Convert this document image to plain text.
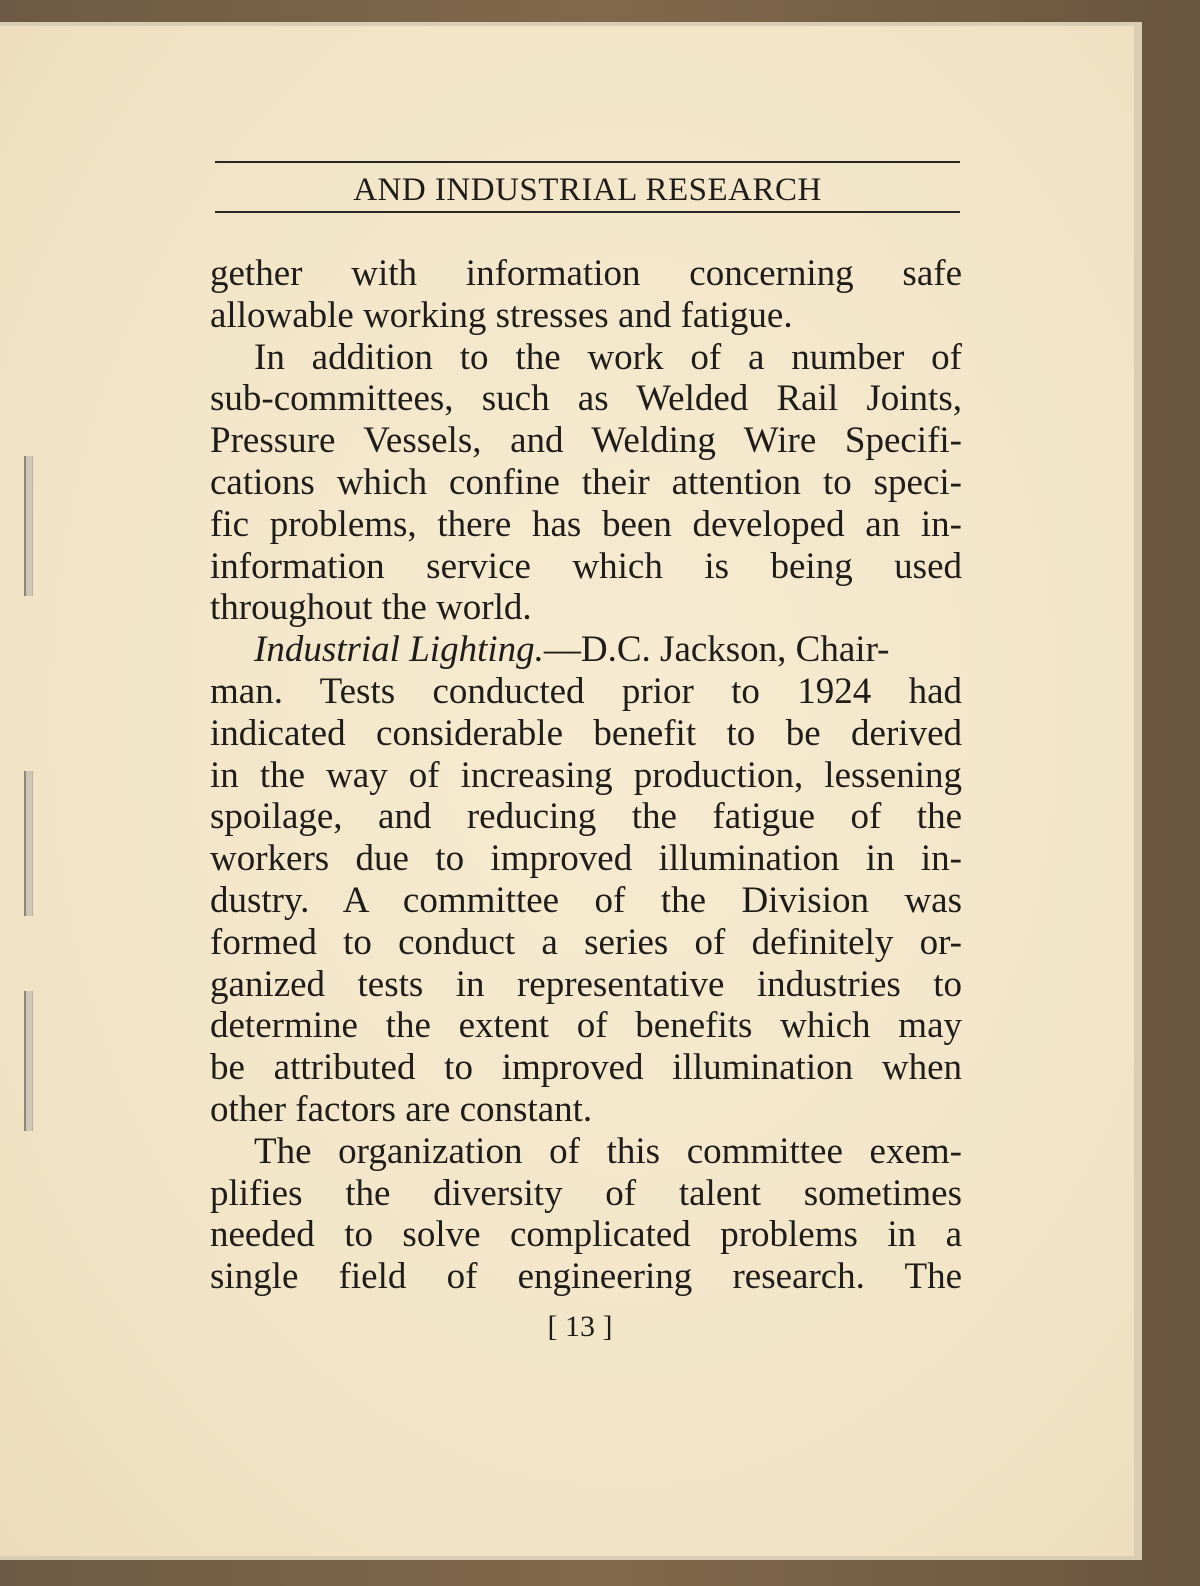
AND INDUSTRIAL RESEARCH
gether with information concerning safe
allowable working stresses and fatigue.
In addition to the work of a number of
sub-committees, such as Welded Rail Joints,
Pressure Vessels, and Welding Wire Specifi-
cations which confine their attention to speci-
fic problems, there has been developed an in-
information service which is being used
throughout the world.
Industrial Lighting.—D.C. Jackson, Chair-
man. Tests conducted prior to 1924 had
indicated considerable benefit to be derived
in the way of increasing production, lessening
spoilage, and reducing the fatigue of the
workers due to improved illumination in in-
dustry. A committee of the Division was
formed to conduct a series of definitely or-
ganized tests in representative industries to
determine the extent of benefits which may
be attributed to improved illumination when
other factors are constant.
The organization of this committee exem-
plifies the diversity of talent sometimes
needed to solve complicated problems in a
single field of engineering research. The
[ 13 ]
